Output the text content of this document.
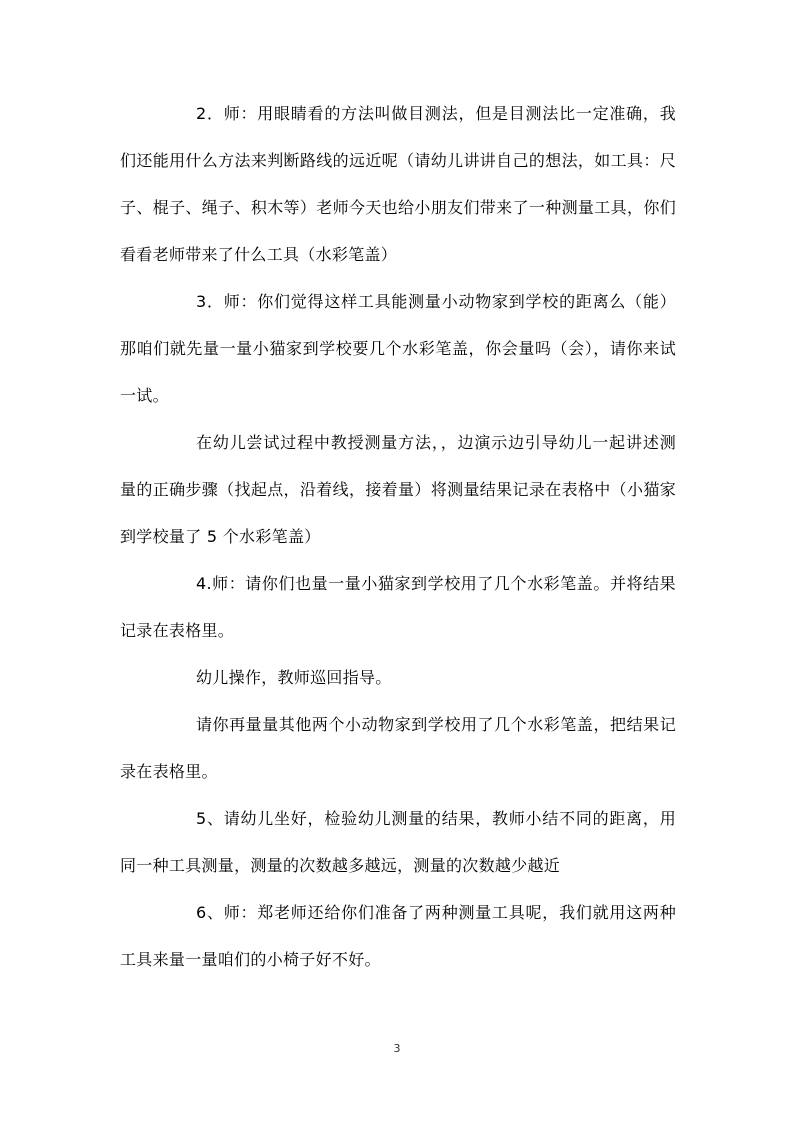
2．师：用眼睛看的方法叫做目测法，但是目测法比一定准确，我们还能用什么方法来判断路线的远近呢（请幼儿讲讲自己的想法，如工具：尺子、棍子、绳子、积木等）老师今天也给小朋友们带来了一种测量工具，你们看看老师带来了什么工具（水彩笔盖）

3．师：你们觉得这样工具能测量小动物家到学校的距离么（能）那咱们就先量一量小猫家到学校要几个水彩笔盖，你会量吗（会），请你来试一试。

在幼儿尝试过程中教授测量方法，，边演示边引导幼儿一起讲述测量的正确步骤（找起点，沿着线，接着量）将测量结果记录在表格中（小猫家到学校量了 5 个水彩笔盖）

4.师：请你们也量一量小猫家到学校用了几个水彩笔盖。并将结果记录在表格里。

幼儿操作，教师巡回指导。

请你再量量其他两个小动物家到学校用了几个水彩笔盖，把结果记录在表格里。

5、请幼儿坐好，检验幼儿测量的结果，教师小结不同的距离，用同一种工具测量，测量的次数越多越远，测量的次数越少越近

6、师：郑老师还给你们准备了两种测量工具呢，我们就用这两种工具来量一量咱们的小椅子好不好。

3
